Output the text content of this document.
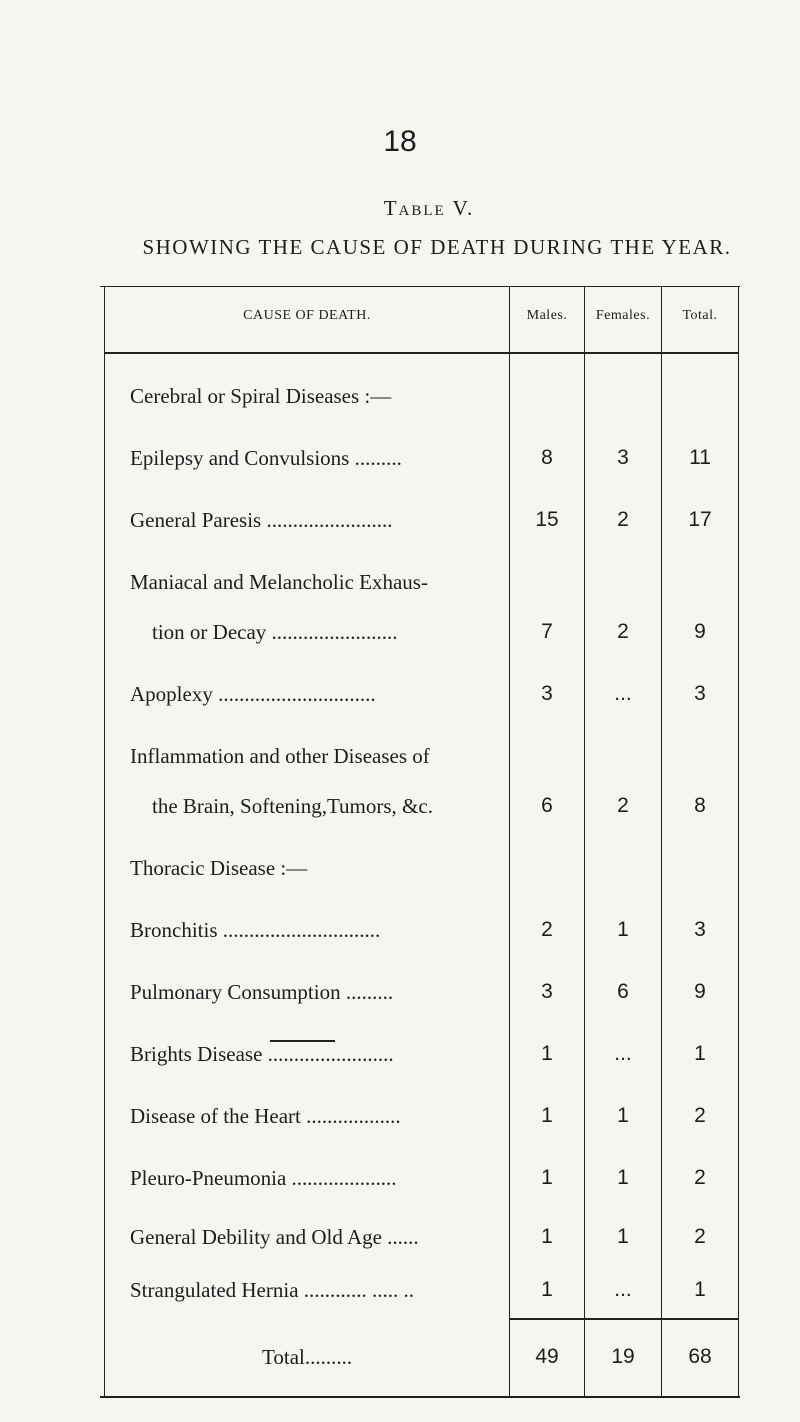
18
Table V.
SHOWING THE CAUSE OF DEATH DURING THE YEAR.
CAUSE OF DEATH.	Males.	Females.	Total.
Cerebral or Spiral Diseases :—
Epilepsy and Convulsions .........	8	3	11
General Paresis ........................	15	2	17
Maniacal and Melancholic Exhaus-
tion or Decay ........................	7	2	9
Apoplexy ..............................	3	...	3
Inflammation and other Diseases of
the Brain, Softening,Tumors, &c.	6	2	8
Thoracic Disease :—
Bronchitis ..............................	2	1	3
Pulmonary Consumption .........	3	6	9
Brights Disease ........................	1	...	1
Disease of the Heart ..................	1	1	2
Pleuro-Pneumonia ....................	1	1	2
General Debility and Old Age ......	1	1	2
Strangulated Hernia ............ ..... ..	1	...	1
Total.........	49	19	68
